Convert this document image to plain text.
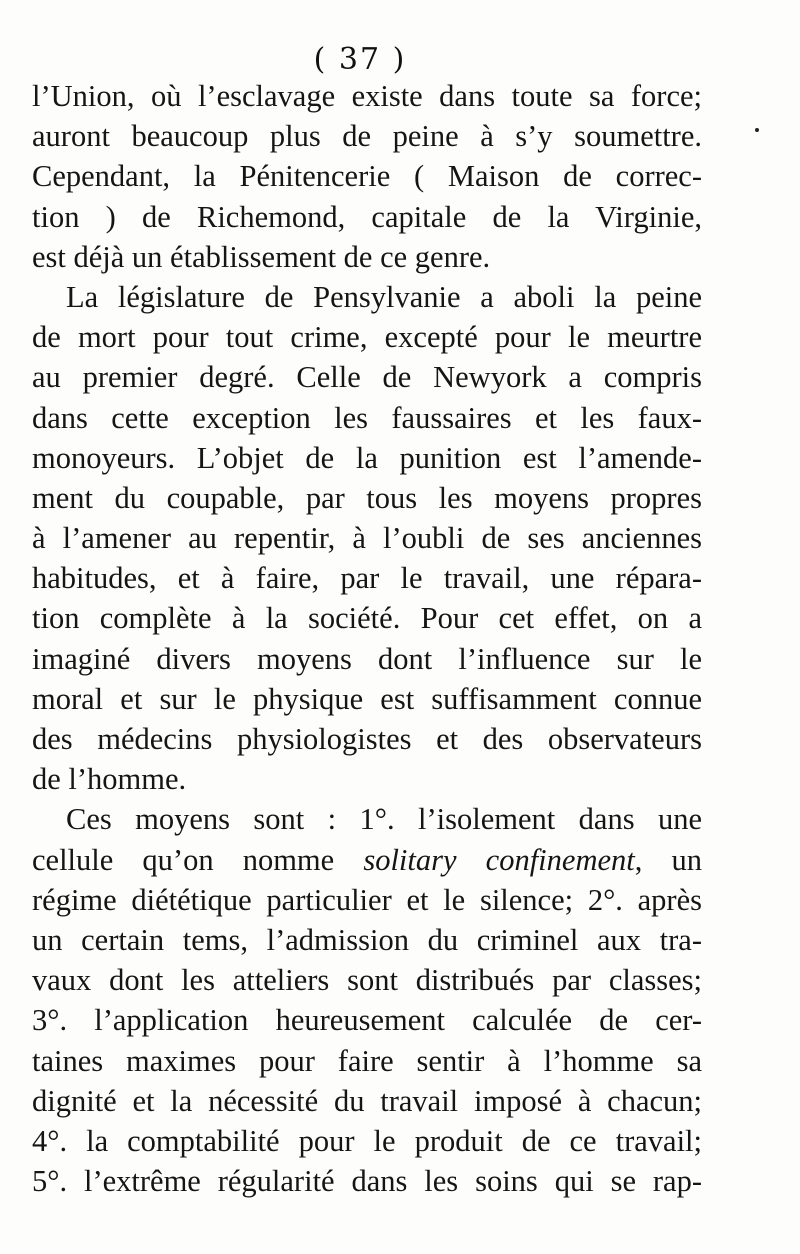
( 37 )
l’Union, où l’esclavage existe dans toute sa force;
auront beaucoup plus de peine à s’y soumettre.
Cependant, la Pénitencerie ( Maison de correc-
tion ) de Richemond, capitale de la Virginie,
est déjà un établissement de ce genre.
La législature de Pensylvanie a aboli la peine
de mort pour tout crime, excepté pour le meurtre
au premier degré. Celle de Newyork a compris
dans cette exception les faussaires et les faux-
monoyeurs. L’objet de la punition est l’amende-
ment du coupable, par tous les moyens propres
à l’amener au repentir, à l’oubli de ses anciennes
habitudes, et à faire, par le travail, une répara-
tion complète à la société. Pour cet effet, on a
imaginé divers moyens dont l’influence sur le
moral et sur le physique est suffisamment connue
des médecins physiologistes et des observateurs
de l’homme.
Ces moyens sont : 1°. l’isolement dans une
cellule qu’on nomme solitary confinement, un
régime diététique particulier et le silence; 2°. après
un certain tems, l’admission du criminel aux tra-
vaux dont les atteliers sont distribués par classes;
3°. l’application heureusement calculée de cer-
taines maximes pour faire sentir à l’homme sa
dignité et la nécessité du travail imposé à chacun;
4°. la comptabilité pour le produit de ce travail;
5°. l’extrême régularité dans les soins qui se rap-
